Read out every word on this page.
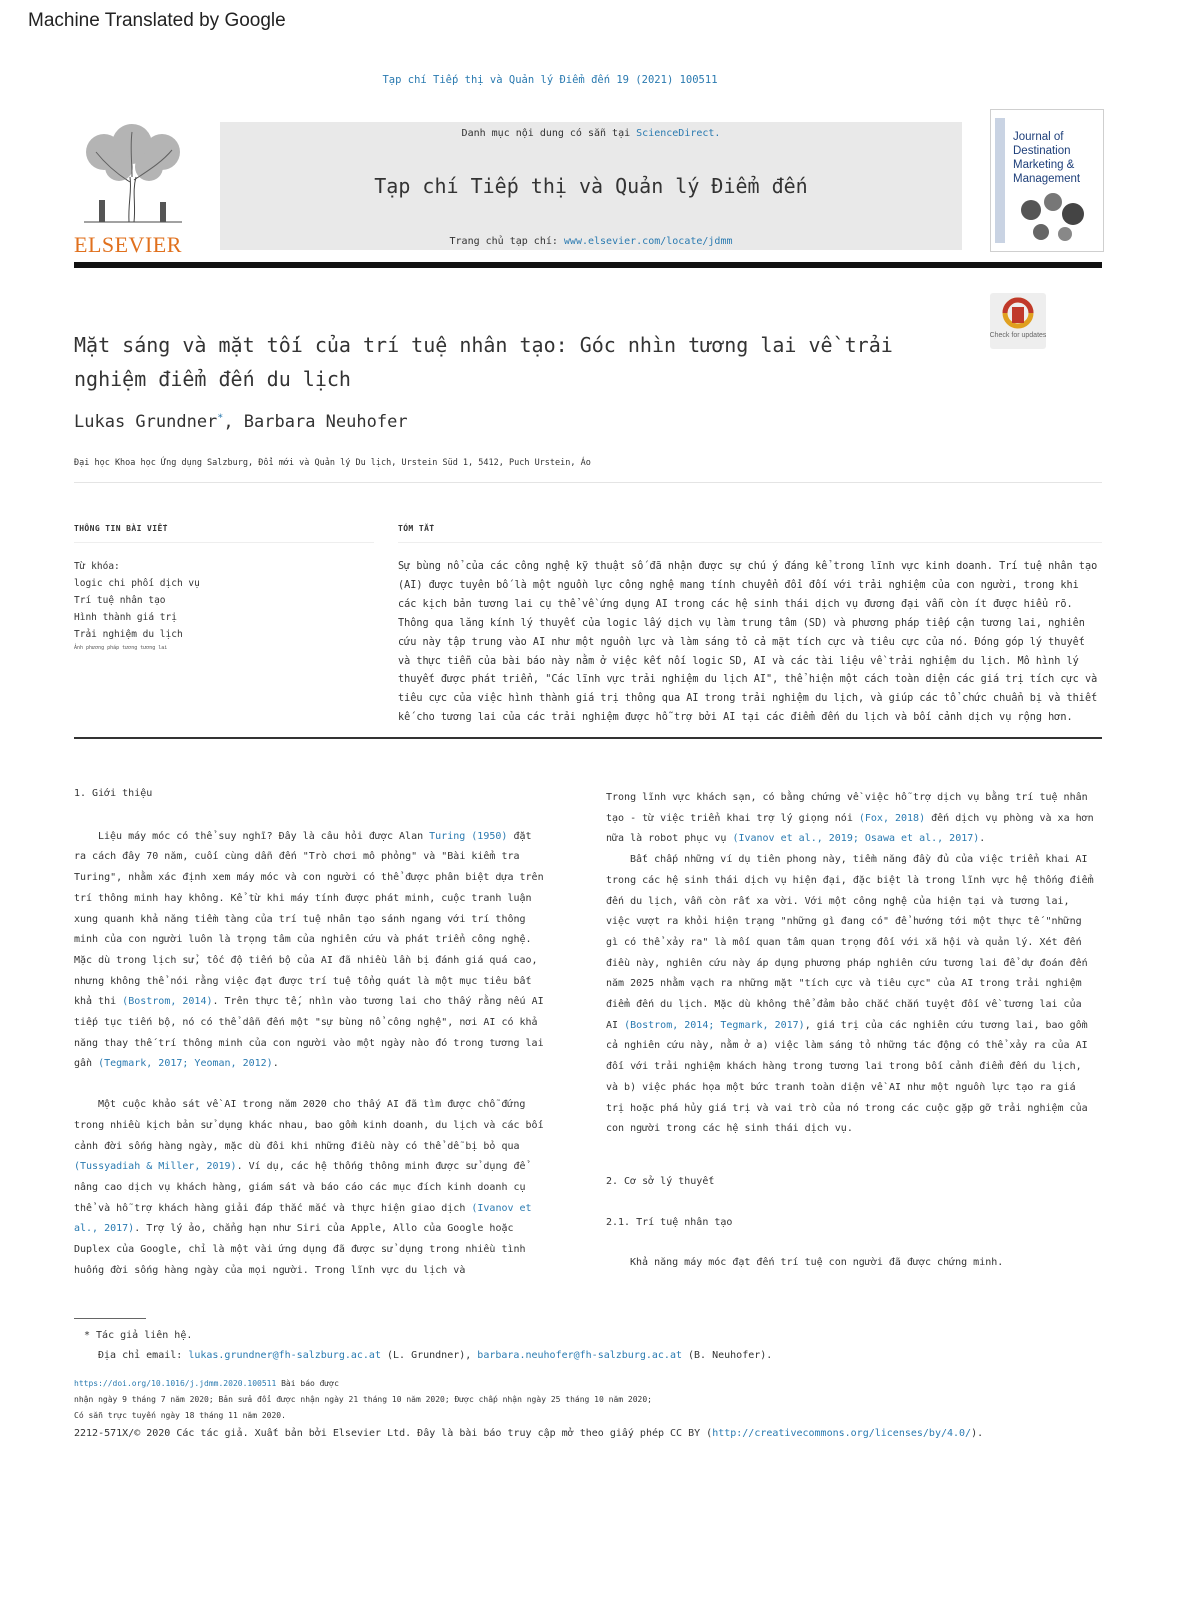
Machine Translated by Google
Tạp chí Tiếp thị và Quản lý Điểm đến 19 (2021) 100511
ELSEVIER
Danh mục nội dung có sẵn tại ScienceDirect.
Tạp chí Tiếp thị và Quản lý Điểm đến
Trang chủ tạp chí: www.elsevier.com/locate/jdmm
Journal of Destination Marketing & Management
Check for updates
Mặt sáng và mặt tối của trí tuệ nhân tạo: Góc nhìn tương lai về trải nghiệm điểm đến du lịch
Lukas Grundner*, Barbara Neuhofer
Đại học Khoa học Ứng dụng Salzburg, Đổi mới và Quản lý Du lịch, Urstein Süd 1, 5412, Puch Urstein, Áo
THÔNG TIN BÀI VIẾT	TÓM TẮT
Từ khóa:
logic chi phối dịch vụ
Trí tuệ nhân tạo
Hình thành giá trị
Trải nghiệm du lịch
Ảnh phương pháp tương tương lai
Sự bùng nổ của các công nghệ kỹ thuật số đã nhận được sự chú ý đáng kể trong lĩnh vực kinh doanh. Trí tuệ nhân tạo (AI) được tuyên bố là một nguồn lực công nghệ mang tính chuyển đổi đối với trải nghiệm của con người, trong khi các kịch bản tương lai cụ thể về ứng dụng AI trong các hệ sinh thái dịch vụ đương đại vẫn còn ít được hiểu rõ. Thông qua lăng kính lý thuyết của logic lấy dịch vụ làm trung tâm (SD) và phương pháp tiếp cận tương lai, nghiên cứu này tập trung vào AI như một nguồn lực và làm sáng tỏ cả mặt tích cực và tiêu cực của nó. Đóng góp lý thuyết và thực tiễn của bài báo này nằm ở việc kết nối logic SD, AI và các tài liệu về trải nghiệm du lịch. Mô hình lý thuyết được phát triển, "Các lĩnh vực trải nghiệm du lịch AI", thể hiện một cách toàn diện các giá trị tích cực và tiêu cực của việc hình thành giá trị thông qua AI trong trải nghiệm du lịch, và giúp các tổ chức chuẩn bị và thiết kế cho tương lai của các trải nghiệm được hỗ trợ bởi AI tại các điểm đến du lịch và bối cảnh dịch vụ rộng hơn.

1. Giới thiệu

Liệu máy móc có thể suy nghĩ? Đây là câu hỏi được Alan Turing (1950) đặt ra cách đây 70 năm, cuối cùng dẫn đến "Trò chơi mô phỏng" và "Bài kiểm tra Turing", nhằm xác định xem máy móc và con người có thể được phân biệt dựa trên trí thông minh hay không. Kể từ khi máy tính được phát minh, cuộc tranh luận xung quanh khả năng tiềm tàng của trí tuệ nhân tạo sánh ngang với trí thông minh của con người luôn là trọng tâm của nghiên cứu và phát triển công nghệ. Mặc dù trong lịch sử, tốc độ tiến bộ của AI đã nhiều lần bị đánh giá quá cao, nhưng không thể nói rằng việc đạt được trí tuệ tổng quát là một mục tiêu bất khả thi (Bostrom, 2014). Trên thực tế, nhìn vào tương lai cho thấy rằng nếu AI tiếp tục tiến bộ, nó có thể dẫn đến một "sự bùng nổ công nghệ", nơi AI có khả năng thay thế trí thông minh của con người vào một ngày nào đó trong tương lai gần (Tegmark, 2017; Yeoman, 2012).

Một cuộc khảo sát về AI trong năm 2020 cho thấy AI đã tìm được chỗ đứng trong nhiều kịch bản sử dụng khác nhau, bao gồm kinh doanh, du lịch và các bối cảnh đời sống hàng ngày, mặc dù đôi khi những điều này có thể dễ bị bỏ qua (Tussyadiah & Miller, 2019). Ví dụ, các hệ thống thông minh được sử dụng để nâng cao dịch vụ khách hàng, giám sát và báo cáo các mục đích kinh doanh cụ thể và hỗ trợ khách hàng giải đáp thắc mắc và thực hiện giao dịch (Ivanov et al., 2017). Trợ lý ảo, chẳng hạn như Siri của Apple, Allo của Google hoặc Duplex của Google, chỉ là một vài ứng dụng đã được sử dụng trong nhiều tình huống đời sống hàng ngày của mọi người. Trong lĩnh vực du lịch và

Trong lĩnh vực khách sạn, có bằng chứng về việc hỗ trợ dịch vụ bằng trí tuệ nhân tạo - từ việc triển khai trợ lý giọng nói (Fox, 2018) đến dịch vụ phòng và xa hơn nữa là robot phục vụ (Ivanov et al., 2019; Osawa et al., 2017).

Bất chấp những ví dụ tiên phong này, tiềm năng đầy đủ của việc triển khai AI trong các hệ sinh thái dịch vụ hiện đại, đặc biệt là trong lĩnh vực hệ thống điểm đến du lịch, vẫn còn rất xa vời. Với một công nghệ của hiện tại và tương lai, việc vượt ra khỏi hiện trạng "những gì đang có" để hướng tới một thực tế "những gì có thể xảy ra" là mối quan tâm quan trọng đối với xã hội và quản lý. Xét đến điều này, nghiên cứu này áp dụng phương pháp nghiên cứu tương lai để dự đoán đến năm 2025 nhằm vạch ra những mặt "tích cực và tiêu cực" của AI trong trải nghiệm điểm đến du lịch. Mặc dù không thể đảm bảo chắc chắn tuyệt đối về tương lai của AI (Bostrom, 2014; Tegmark, 2017), giá trị của các nghiên cứu tương lai, bao gồm cả nghiên cứu này, nằm ở a) việc làm sáng tỏ những tác động có thể xảy ra của AI đối với trải nghiệm khách hàng trong tương lai trong bối cảnh điểm đến du lịch, và b) việc phác họa một bức tranh toàn diện về AI như một nguồn lực tạo ra giá trị hoặc phá hủy giá trị và vai trò của nó trong các cuộc gặp gỡ trải nghiệm của con người trong các hệ sinh thái dịch vụ.

2. Cơ sở lý thuyết

2.1. Trí tuệ nhân tạo

Khả năng máy móc đạt đến trí tuệ con người đã được chứng minh.

* Tác giả liên hệ.
Địa chỉ email: lukas.grundner@fh-salzburg.ac.at (L. Grundner), barbara.neuhofer@fh-salzburg.ac.at (B. Neuhofer).
https://doi.org/10.1016/j.jdmm.2020.100511 Bài báo được
nhận ngày 9 tháng 7 năm 2020; Bản sửa đổi được nhận ngày 21 tháng 10 năm 2020; Được chấp nhận ngày 25 tháng 10 năm 2020;
Có sẵn trực tuyến ngày 18 tháng 11 năm 2020.
2212-571X/© 2020 Các tác giả. Xuất bản bởi Elsevier Ltd. Đây là bài báo truy cập mở theo giấy phép CC BY (http://creativecommons.org/licenses/by/4.0/).
